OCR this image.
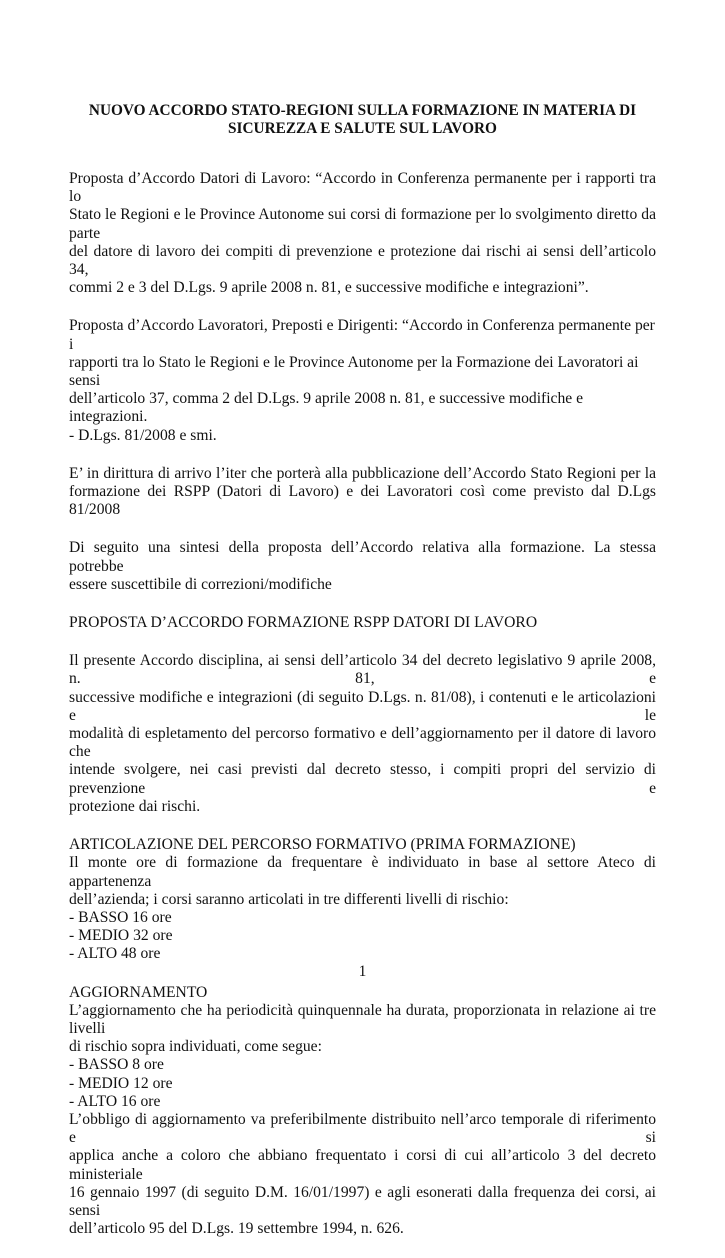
NUOVO ACCORDO STATO-REGIONI SULLA FORMAZIONE IN MATERIA DI
SICUREZZA E SALUTE SUL LAVORO
Proposta d’Accordo Datori di Lavoro: “Accordo in Conferenza permanente per i rapporti tra lo
Stato le Regioni e le Province Autonome sui corsi di formazione per lo svolgimento diretto da parte
del datore di lavoro dei compiti di prevenzione e protezione dai rischi ai sensi dell’articolo 34,
commi 2 e 3 del D.Lgs. 9 aprile 2008 n. 81, e successive modifiche e integrazioni”.
Proposta d’Accordo Lavoratori, Preposti e Dirigenti: “Accordo in Conferenza permanente per i
rapporti tra lo Stato le Regioni e le Province Autonome per la Formazione dei Lavoratori ai sensi
dell’articolo 37, comma 2 del D.Lgs. 9 aprile 2008 n. 81, e successive modifiche e integrazioni.
- D.Lgs. 81/2008 e smi.
E’ in dirittura di arrivo l’iter che porterà alla pubblicazione dell’Accordo Stato Regioni per la
formazione dei RSPP (Datori di Lavoro) e dei Lavoratori così come previsto dal D.Lgs 81/2008
Di seguito una sintesi della proposta dell’Accordo relativa alla formazione. La stessa potrebbe
essere suscettibile di correzioni/modifiche
PROPOSTA D’ACCORDO FORMAZIONE RSPP DATORI DI LAVORO
Il presente Accordo disciplina, ai sensi dell’articolo 34 del decreto legislativo 9 aprile 2008, n. 81, e
successive modifiche e integrazioni (di seguito D.Lgs. n. 81/08), i contenuti e le articolazioni e le
modalità di espletamento del percorso formativo e dell’aggiornamento per il datore di lavoro che
intende svolgere, nei casi previsti dal decreto stesso, i compiti propri del servizio di prevenzione e
protezione dai rischi.
ARTICOLAZIONE DEL PERCORSO FORMATIVO (PRIMA FORMAZIONE)
Il monte ore di formazione da frequentare è individuato in base al settore Ateco di appartenenza
dell’azienda; i corsi saranno articolati in tre differenti livelli di rischio:
- BASSO 16 ore
- MEDIO 32 ore
- ALTO 48 ore
AGGIORNAMENTO
L’aggiornamento che ha periodicità quinquennale ha durata, proporzionata in relazione ai tre livelli
di rischio sopra individuati, come segue:
- BASSO 8 ore
- MEDIO 12 ore
- ALTO 16 ore
L’obbligo di aggiornamento va preferibilmente distribuito nell’arco temporale di riferimento e si
applica anche a coloro che abbiano frequentato i corsi di cui all’articolo 3 del decreto ministeriale
16 gennaio 1997 (di seguito D.M. 16/01/1997) e agli esonerati dalla frequenza dei corsi, ai sensi
dell’articolo 95 del D.Lgs. 19 settembre 1994, n. 626.
1
